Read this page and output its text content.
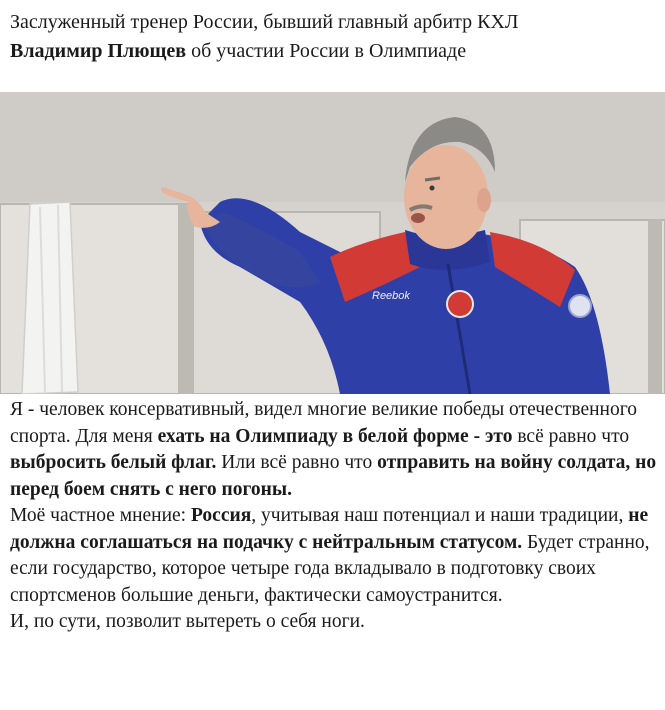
Заслуженный тренер России, бывший главный арбитр КХЛ
Владимир Плющев об участии России в Олимпиаде
Reebok

Я - человек консервативный, видел многие великие победы отечественного спорта. Для меня ехать на Олимпиаду в белой форме - это всё равно что выбросить белый флаг. Или всё равно что отправить на войну солдата, но перед боем снять с него погоны.

Моё частное мнение: Россия, учитывая наш потенциал и наши традиции, не должна соглашаться на подачку с нейтральным статусом. Будет странно, если государство, которое четыре года вкладывало в подготовку своих спортсменов большие деньги, фактически самоустранится.

И, по сути, позволит вытереть о себя ноги.
